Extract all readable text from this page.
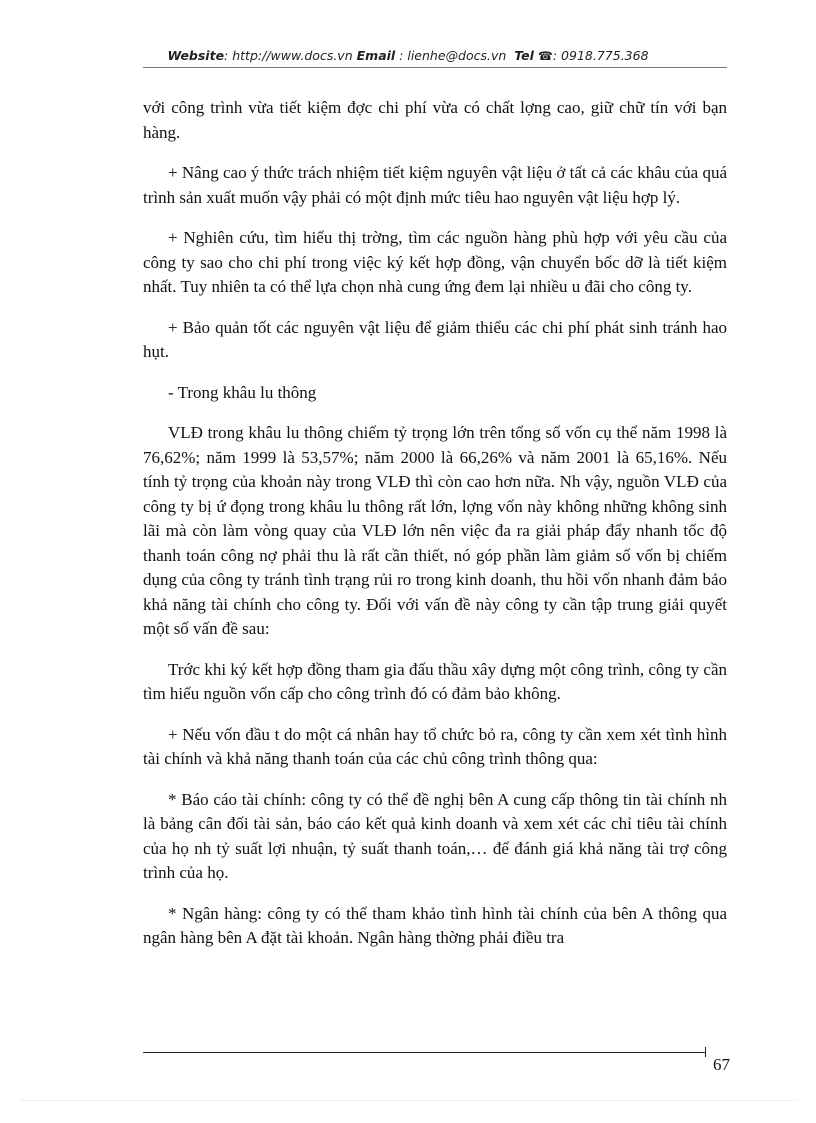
Website: http://www.docs.vn Email : lienhe@docs.vn Tel ☎: 0918.775.368

với công trình vừa tiết kiệm đợc chi phí vừa có chất lợng cao, giữ chữ tín với bạn hàng.

+ Nâng cao ý thức trách nhiệm tiết kiệm nguyên vật liệu ở tất cả các khâu của quá trình sản xuất muốn vậy phải có một định mức tiêu hao nguyên vật liệu hợp lý.

+ Nghiên cứu, tìm hiểu thị trờng, tìm các nguồn hàng phù hợp với yêu cầu của công ty sao cho chi phí trong việc ký kết hợp đồng, vận chuyển bốc dỡ là tiết kiệm nhất. Tuy nhiên ta có thể lựa chọn nhà cung ứng đem lại nhiều u đãi cho công ty.

+ Bảo quản tốt các nguyên vật liệu để giảm thiểu các chi phí phát sinh tránh hao hụt.

- Trong khâu lu thông

VLĐ trong khâu lu thông chiếm tỷ trọng lớn trên tổng số vốn cụ thể năm 1998 là 76,62%; năm 1999 là 53,57%; năm 2000 là 66,26% và năm 2001 là 65,16%. Nếu tính tỷ trọng của khoản này trong VLĐ thì còn cao hơn nữa. Nh vậy, nguồn VLĐ của công ty bị ứ đọng trong khâu lu thông rất lớn, lợng vốn này không những không sinh lãi mà còn làm vòng quay của VLĐ lớn nên việc đa ra giải pháp đẩy nhanh tốc độ thanh toán công nợ phải thu là rất cần thiết, nó góp phần làm giảm số vốn bị chiếm dụng của công ty tránh tình trạng rủi ro trong kinh doanh, thu hồi vốn nhanh đảm bảo khả năng tài chính cho công ty. Đối với vấn đề này công ty cần tập trung giải quyết một số vấn đề sau:

Trớc khi ký kết hợp đồng tham gia đấu thầu xây dựng một công trình, công ty cần tìm hiểu nguồn vốn cấp cho công trình đó có đảm bảo không.

+ Nếu vốn đầu t do một cá nhân hay tổ chức bỏ ra, công ty cần xem xét tình hình tài chính và khả năng thanh toán của các chủ công trình thông qua:

* Báo cáo tài chính: công ty có thể đề nghị bên A cung cấp thông tin tài chính nh là bảng cân đối tài sản, báo cáo kết quả kinh doanh và xem xét các chỉ tiêu tài chính của họ nh tỷ suất lợi nhuận, tỷ suất thanh toán,… để đánh giá khả năng tài trợ công trình của họ.

* Ngân hàng: công ty có thể tham khảo tình hình tài chính của bên A thông qua ngân hàng bên A đặt tài khoản. Ngân hàng thờng phải điều tra

67
